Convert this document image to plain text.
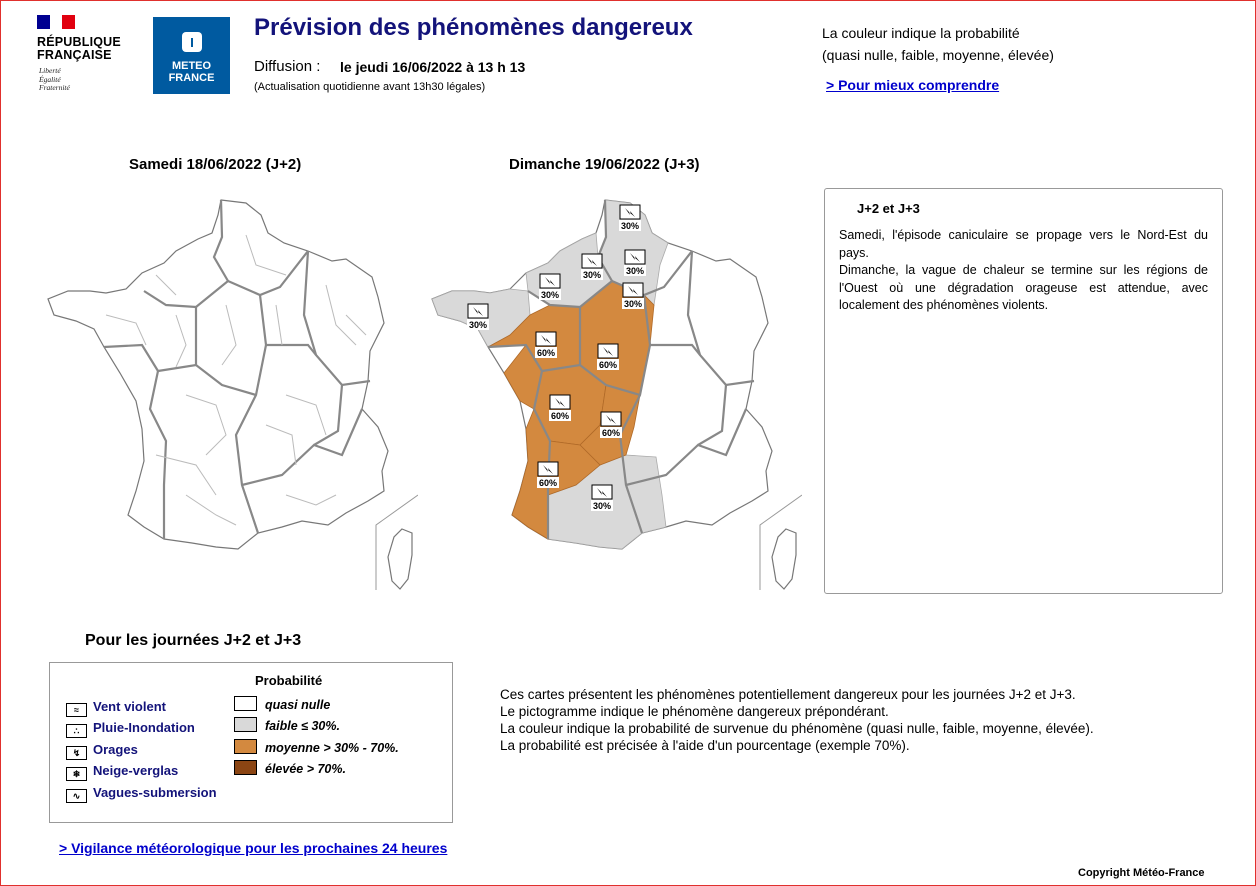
RÉPUBLIQUE
FRANÇAISE
Liberté
Égalité
Fraternité
METEO
FRANCE
Prévision des phénomènes dangereux
Diffusion : le jeudi 16/06/2022 à 13 h 13
(Actualisation quotidienne avant 13h30 légales)
La couleur indique la probabilité
(quasi nulle, faible, moyenne, élevée)
> Pour mieux comprendre
Samedi 18/06/2022 (J+2)	Dimanche 19/06/2022 (J+3)
30%
30%	30%
30%
30%
30%
60%
60%
60%
60%
60%
30%
J+2 et J+3

Samedi, l'épisode caniculaire se propage vers le Nord-Est du pays.

Dimanche, la vague de chaleur se termine sur les régions de l'Ouest où une dégradation orageuse est attendue, avec localement des phénomènes violents.

Pour les journées J+2 et J+3
≈ Vent violent
∴ Pluie-Inondation
↯ Orages
❄ Neige-verglas
∿ Vagues-submersion
Probabilité
quasi nulle
faible ≤ 30%.
moyenne > 30% - 70%.
élevée > 70%.

Ces cartes présentent les phénomènes potentiellement dangereux pour les journées J+2 et J+3.

Le pictogramme indique le phénomène dangereux prépondérant.

La couleur indique la probabilité de survenue du phénomène (quasi nulle, faible, moyenne, élevée).

La probabilité est précisée à l'aide d'un pourcentage (exemple 70%).

> Vigilance météorologique pour les prochaines 24 heures
Copyright Météo-France
